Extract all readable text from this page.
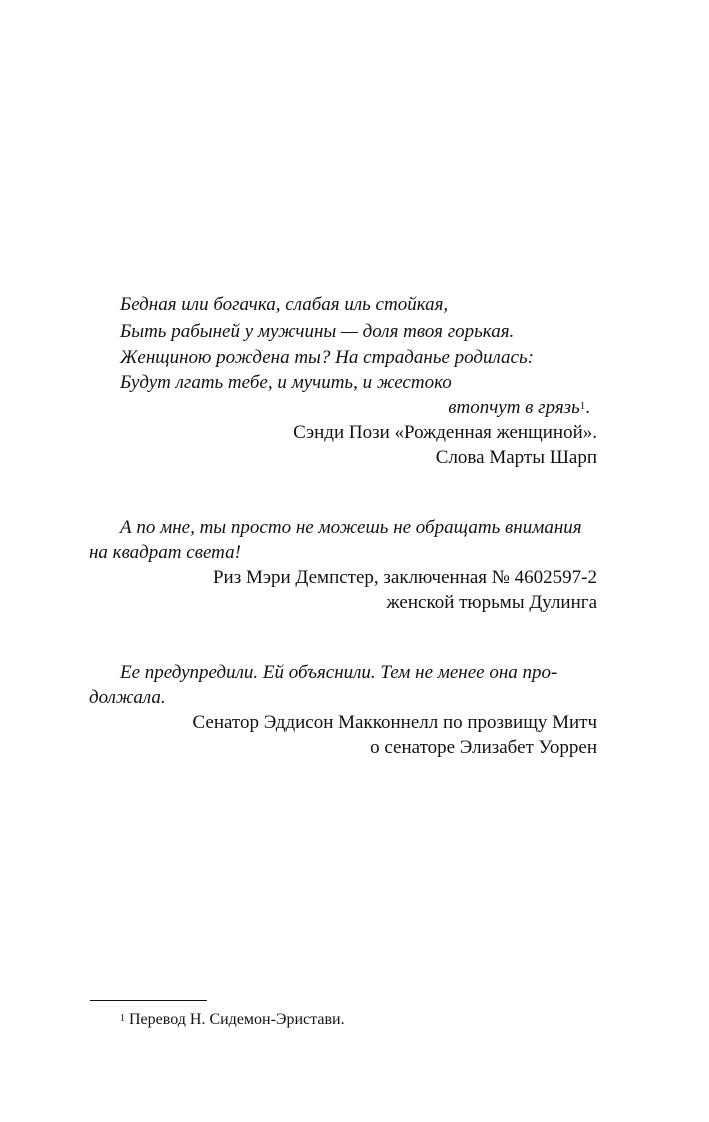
Бедная или богачка, слабая иль стойкая,

Быть рабыней у мужчины — доля твоя горькая.

Женщиною рождена ты? На страданье родилась:

Будут лгать тебе, и мучить, и жестоко

втопчут в грязь$^1$.

Сэнди Пози «Рожденная женщиной».

Слова Марты Шарп

А по мне, ты просто не можешь не обращать внимания

на квадрат света!

Риз Мэри Демпстер, заключенная № 4602597-2

женской тюрьмы Дулинга

Ее предупредили. Ей объяснили. Тем не менее она про-

должала.

Сенатор Эддисон Макконнелл по прозвищу Митч

о сенаторе Элизабет Уоррен

$^1$ Перевод Н. Сидемон-Эристави.
